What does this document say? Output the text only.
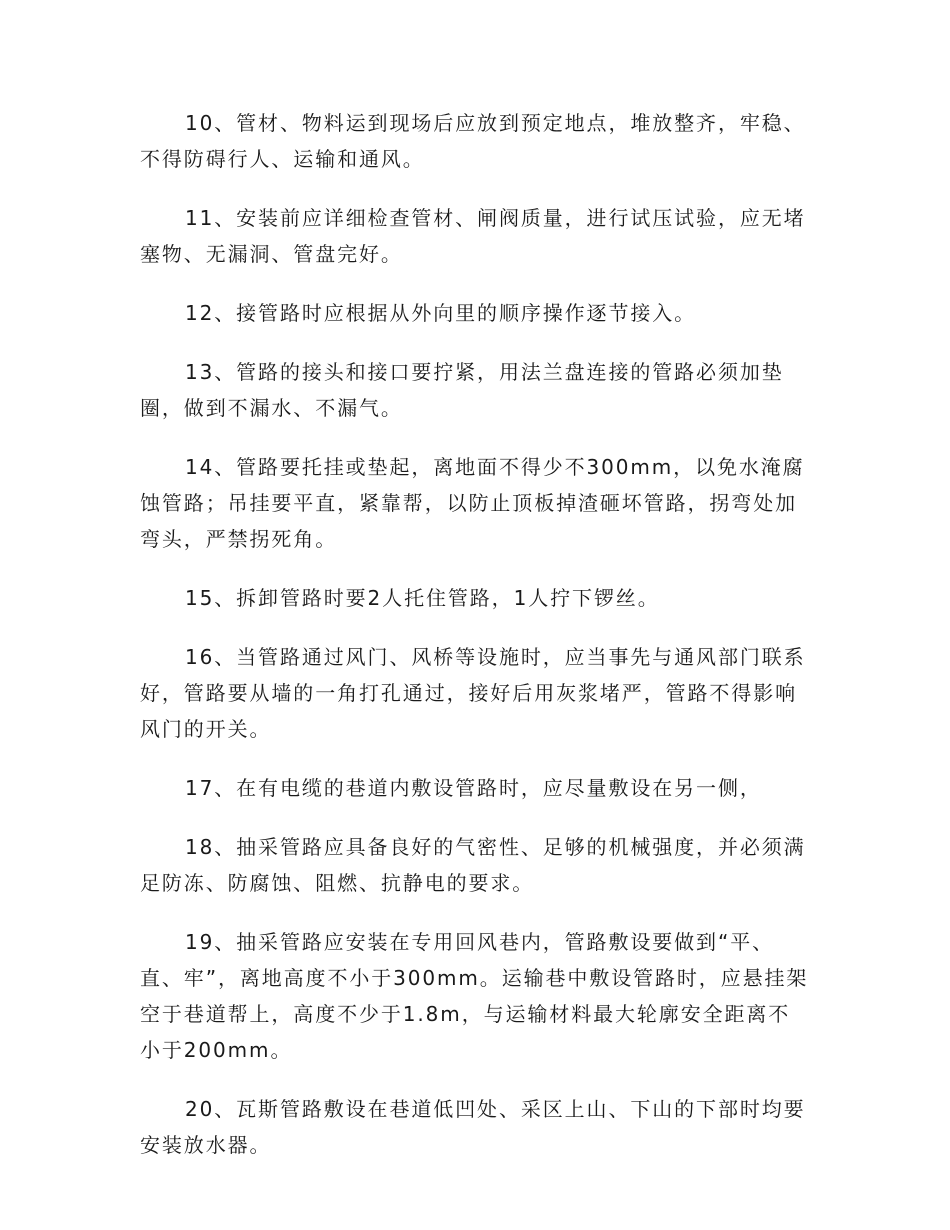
10、管材、物料运到现场后应放到预定地点，堆放整齐，牢稳、不得防碍行人、运输和通风。

11、安装前应详细检查管材、闸阀质量，进行试压试验，应无堵塞物、无漏洞、管盘完好。

12、接管路时应根据从外向里的顺序操作逐节接入。

13、管路的接头和接口要拧紧，用法兰盘连接的管路必须加垫圈，做到不漏水、不漏气。

14、管路要托挂或垫起，离地面不得少不300mm，以免水淹腐蚀管路；吊挂要平直，紧靠帮，以防止顶板掉渣砸坏管路，拐弯处加弯头，严禁拐死角。

15、拆卸管路时要2人托住管路，1人拧下锣丝。

16、当管路通过风门、风桥等设施时，应当事先与通风部门联系好，管路要从墙的一角打孔通过，接好后用灰浆堵严，管路不得影响风门的开关。

17、在有电缆的巷道内敷设管路时，应尽量敷设在另一侧，

18、抽采管路应具备良好的气密性、足够的机械强度，并必须满足防冻、防腐蚀、阻燃、抗静电的要求。

19、抽采管路应安装在专用回风巷内，管路敷设要做到“平、直、牢”，离地高度不小于300mm。运输巷中敷设管路时，应悬挂架空于巷道帮上，高度不少于1.8m，与运输材料最大轮廓安全距离不小于200mm。

20、瓦斯管路敷设在巷道低凹处、采区上山、下山的下部时均要安装放水器。
